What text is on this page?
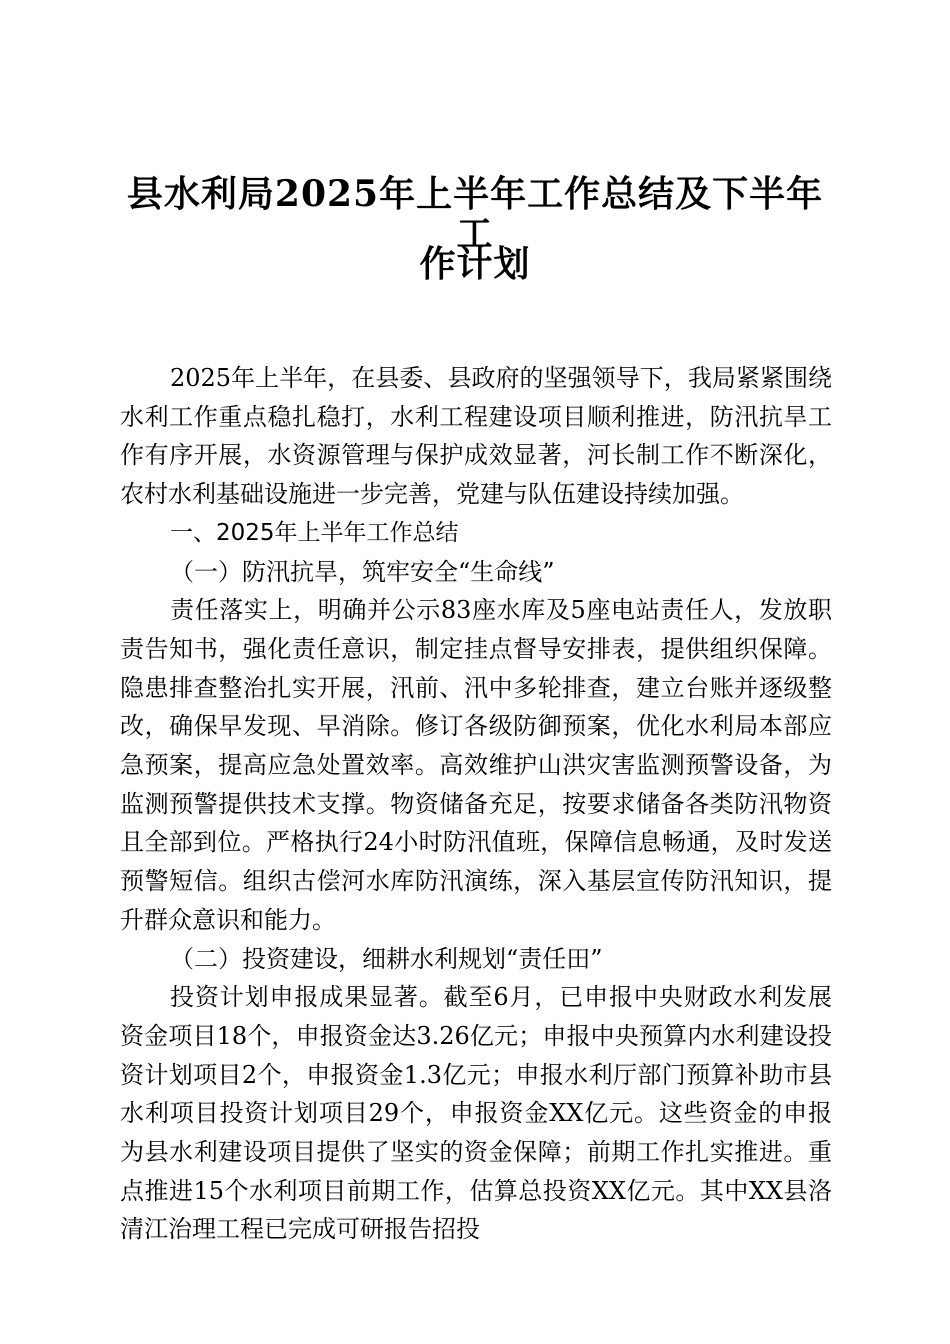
县水利局2025年上半年工作总结及下半年工
作计划

2025年上半年，在县委、县政府的坚强领导下，我局紧紧围绕水利工作重点稳扎稳打，水利工程建设项目顺利推进，防汛抗旱工作有序开展，水资源管理与保护成效显著，河长制工作不断深化，农村水利基础设施进一步完善，党建与队伍建设持续加强。

一、2025年上半年工作总结

（一）防汛抗旱，筑牢安全“生命线”

责任落实上，明确并公示83座水库及5座电站责任人，发放职责告知书，强化责任意识，制定挂点督导安排表，提供组织保障。隐患排查整治扎实开展，汛前、汛中多轮排查，建立台账并逐级整改，确保早发现、早消除。修订各级防御预案，优化水利局本部应急预案，提高应急处置效率。高效维护山洪灾害监测预警设备，为监测预警提供技术支撑。物资储备充足，按要求储备各类防汛物资且全部到位。严格执行24小时防汛值班，保障信息畅通，及时发送预警短信。组织古偿河水库防汛演练，深入基层宣传防汛知识，提升群众意识和能力。

（二）投资建设，细耕水利规划“责任田”

投资计划申报成果显著。截至6月，已申报中央财政水利发展资金项目18个，申报资金达3.26亿元；申报中央预算内水利建设投资计划项目2个，申报资金1.3亿元；申报水利厅部门预算补助市县水利项目投资计划项目29个，申报资金XX亿元。这些资金的申报为县水利建设项目提供了坚实的资金保障；前期工作扎实推进。重点推进15个水利项目前期工作，估算总投资XX亿元。其中XX县洛清江治理工程已完成可研报告招投
